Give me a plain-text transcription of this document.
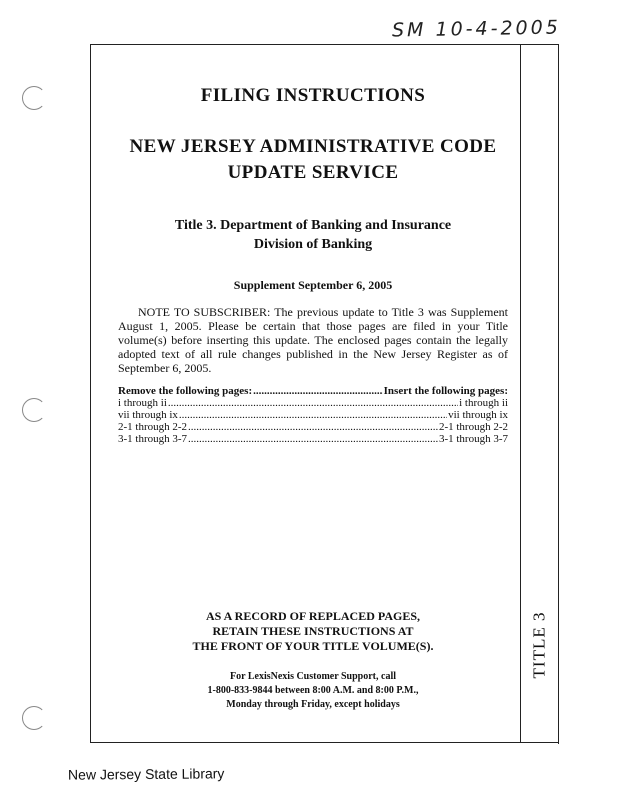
SM 10-4-2005
TITLE 3

FILING INSTRUCTIONS

NEW JERSEY ADMINISTRATIVE CODE

UPDATE SERVICE

Title 3. Department of Banking and Insurance

Division of Banking

Supplement September 6, 2005

NOTE TO SUBSCRIBER: The previous update to Title 3 was Supplement August 1, 2005. Please be certain that those pages are filed in your Title volume(s) before inserting this update. The enclosed pages contain the legally adopted text of all rule changes published in the New Jersey Register as of September 6, 2005.

Remove the following pages: .....	Insert the following pages:
i through ii .....	i through ii
vii through ix .....	vii through ix
2-1 through 2-2 .....	2-1 through 2-2
3-1 through 3-7 .....	3-1 through 3-7

AS A RECORD OF REPLACED PAGES,

RETAIN THESE INSTRUCTIONS AT

THE FRONT OF YOUR TITLE VOLUME(S).

For LexisNexis Customer Support, call

1-800-833-9844 between 8:00 A.M. and 8:00 P.M.,

Monday through Friday, except holidays

New Jersey State Library
